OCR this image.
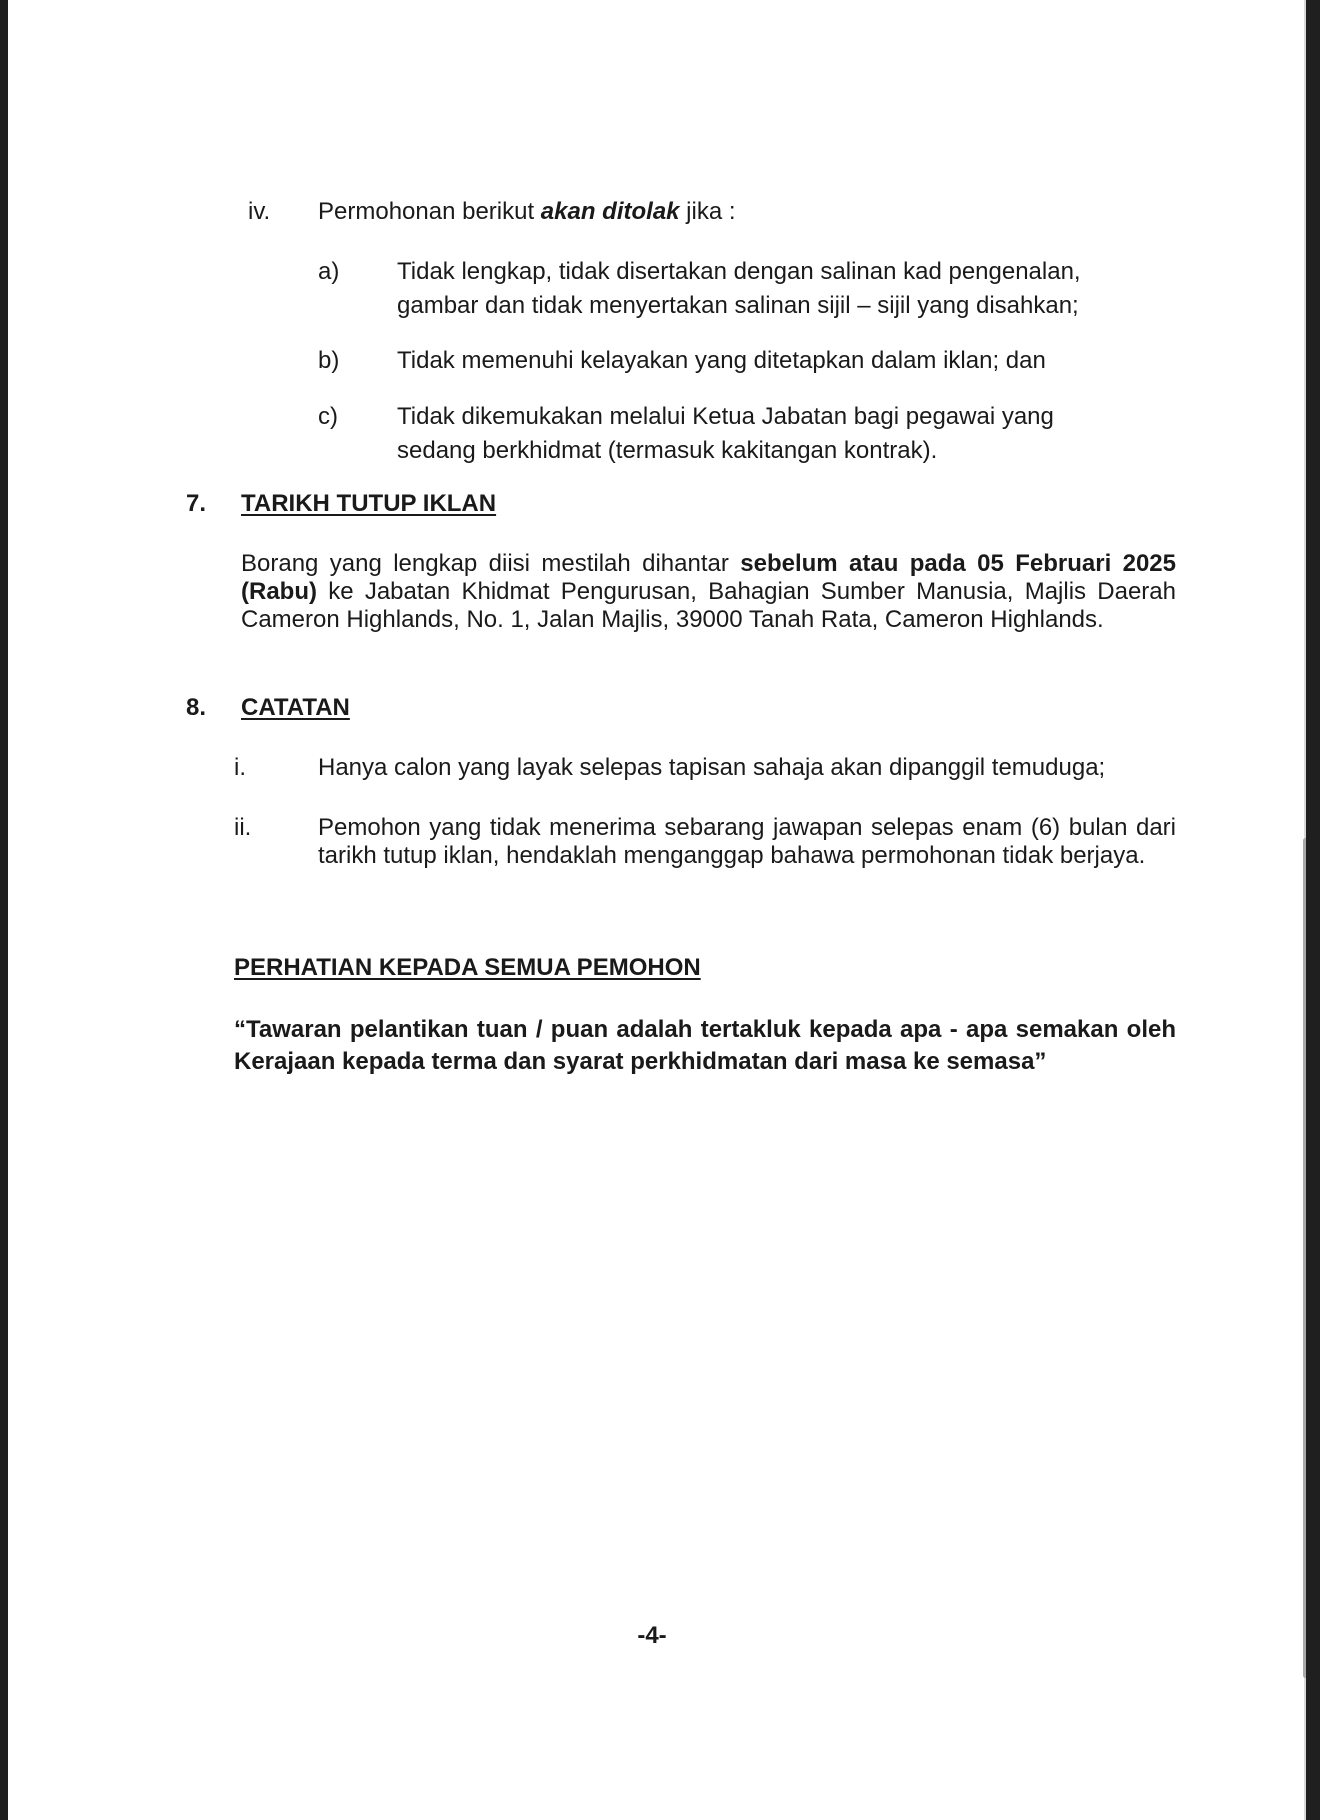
iv. Permohonan berikut akan ditolak jika :
a) Tidak lengkap, tidak disertakan dengan salinan kad pengenalan,
gambar dan tidak menyertakan salinan sijil – sijil yang disahkan;
b) Tidak memenuhi kelayakan yang ditetapkan dalam iklan; dan
c) Tidak dikemukakan melalui Ketua Jabatan bagi pegawai yang
sedang berkhidmat (termasuk kakitangan kontrak).
7. TARIKH TUTUP IKLAN
Borang yang lengkap diisi mestilah dihantar sebelum atau pada 05 Februari 2025 (Rabu) ke Jabatan Khidmat Pengurusan, Bahagian Sumber Manusia, Majlis Daerah Cameron Highlands, No. 1, Jalan Majlis, 39000 Tanah Rata, Cameron Highlands.
8. CATATAN
i.	Hanya calon yang layak selepas tapisan sahaja akan dipanggil temuduga;
ii.	Pemohon yang tidak menerima sebarang jawapan selepas enam (6) bulan dari tarikh tutup iklan, hendaklah menganggap bahawa permohonan tidak berjaya.
PERHATIAN KEPADA SEMUA PEMOHON
“Tawaran pelantikan tuan / puan adalah tertakluk kepada apa - apa semakan oleh Kerajaan kepada terma dan syarat perkhidmatan dari masa ke semasa”
-4-
